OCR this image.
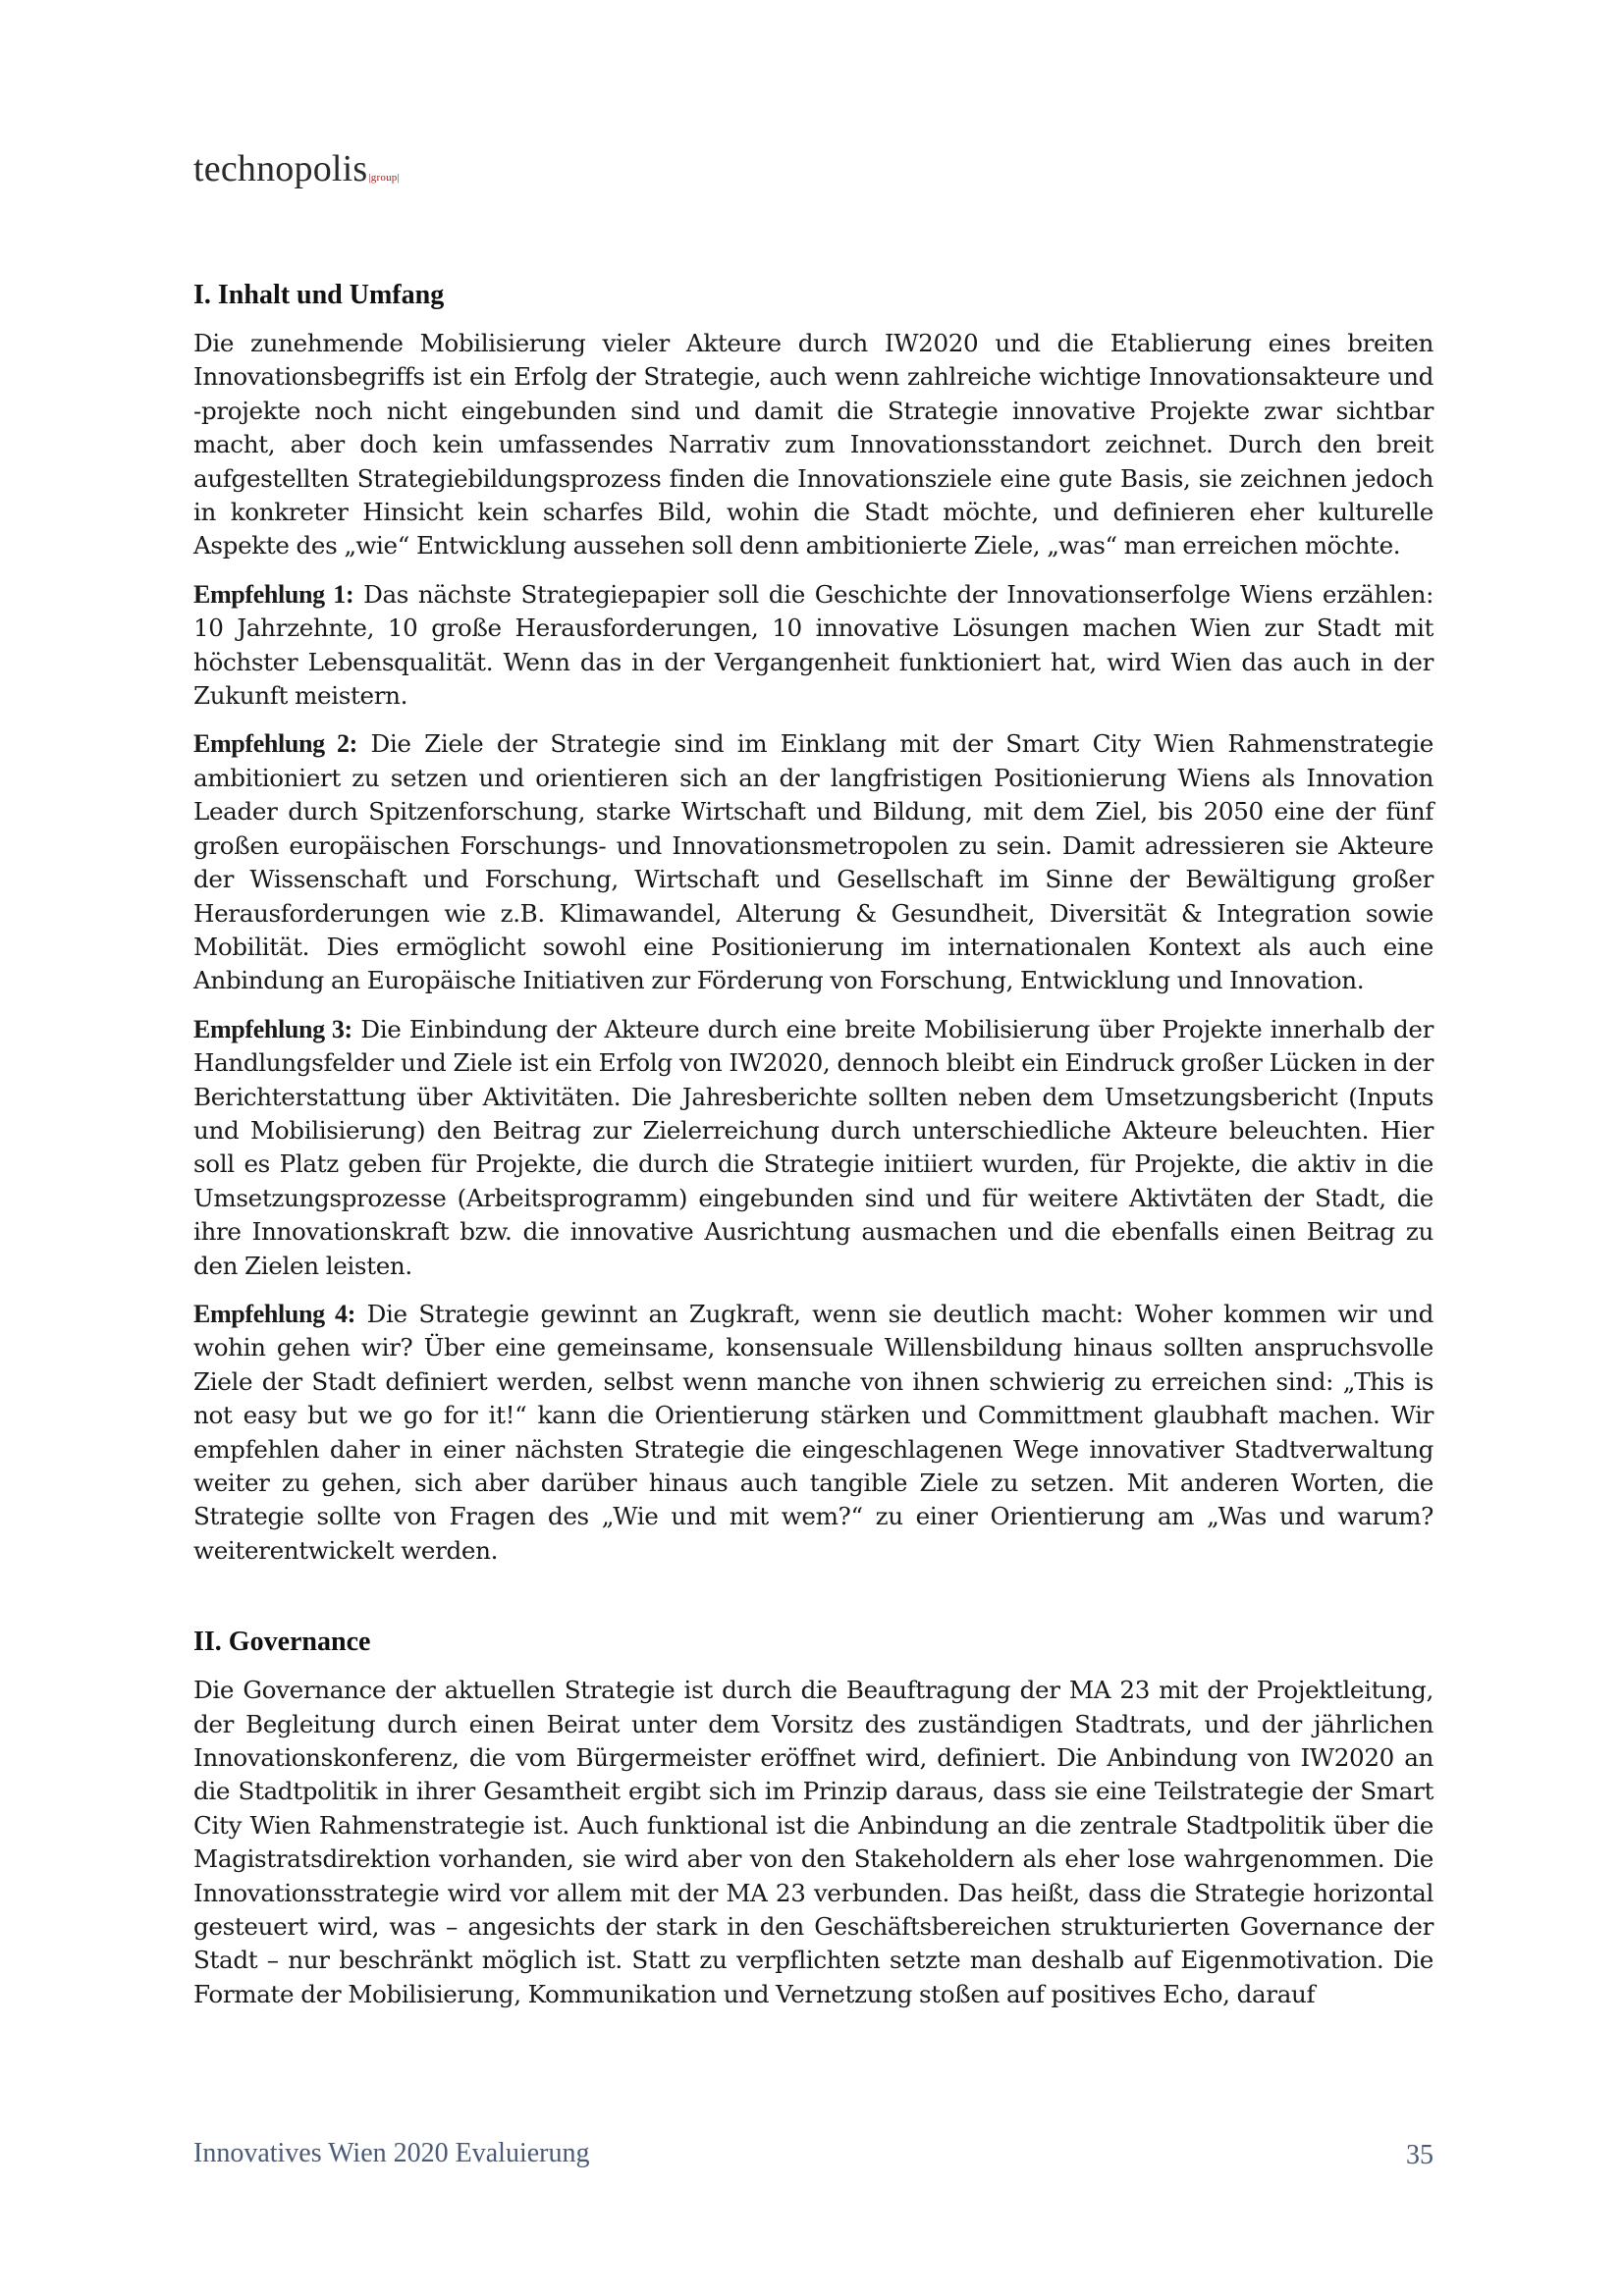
technopolis|group|
I. Inhalt und Umfang

Die zunehmende Mobilisierung vieler Akteure durch IW2020 und die Etablierung eines breiten Innovationsbegriffs ist ein Erfolg der Strategie, auch wenn zahlreiche wichtige Innovationsakteure und -projekte noch nicht eingebunden sind und damit die Strategie innovative Projekte zwar sichtbar macht, aber doch kein umfassendes Narrativ zum Innovationsstandort zeichnet. Durch den breit aufgestellten Strategiebildungsprozess finden die Innovationsziele eine gute Basis, sie zeichnen jedoch in konkreter Hinsicht kein scharfes Bild, wohin die Stadt möchte, und definieren eher kulturelle Aspekte des „wie“ Entwicklung aussehen soll denn ambitionierte Ziele, „was“ man erreichen möchte.

Empfehlung 1: Das nächste Strategiepapier soll die Geschichte der Innovationserfolge Wiens erzählen: 10 Jahrzehnte, 10 große Herausforderungen, 10 innovative Lösungen machen Wien zur Stadt mit höchster Lebensqualität. Wenn das in der Vergangenheit funktioniert hat, wird Wien das auch in der Zukunft meistern.

Empfehlung 2: Die Ziele der Strategie sind im Einklang mit der Smart City Wien Rahmenstrategie ambitioniert zu setzen und orientieren sich an der langfristigen Positionierung Wiens als Innovation Leader durch Spitzenforschung, starke Wirtschaft und Bildung, mit dem Ziel, bis 2050 eine der fünf großen europäischen Forschungs- und Innovationsmetropolen zu sein. Damit adressieren sie Akteure der Wissenschaft und Forschung, Wirtschaft und Gesellschaft im Sinne der Bewältigung großer Herausforderungen wie z.B. Klimawandel, Alterung & Gesundheit, Diversität & Integration sowie Mobilität. Dies ermöglicht sowohl eine Positionierung im internationalen Kontext als auch eine Anbindung an Europäische Initiativen zur Förderung von Forschung, Entwicklung und Innovation.

Empfehlung 3: Die Einbindung der Akteure durch eine breite Mobilisierung über Projekte innerhalb der Handlungsfelder und Ziele ist ein Erfolg von IW2020, dennoch bleibt ein Eindruck großer Lücken in der Berichterstattung über Aktivitäten. Die Jahresberichte sollten neben dem Umsetzungsbericht (Inputs und Mobilisierung) den Beitrag zur Zielerreichung durch unterschiedliche Akteure beleuchten. Hier soll es Platz geben für Projekte, die durch die Strategie initiiert wurden, für Projekte, die aktiv in die Umsetzungsprozesse (Arbeitsprogramm) eingebunden sind und für weitere Aktivtäten der Stadt, die ihre Innovationskraft bzw. die innovative Ausrichtung ausmachen und die ebenfalls einen Beitrag zu den Zielen leisten.

Empfehlung 4: Die Strategie gewinnt an Zugkraft, wenn sie deutlich macht: Woher kommen wir und wohin gehen wir? Über eine gemeinsame, konsensuale Willensbildung hinaus sollten anspruchsvolle Ziele der Stadt definiert werden, selbst wenn manche von ihnen schwierig zu erreichen sind: „This is not easy but we go for it!“ kann die Orientierung stärken und Committment glaubhaft machen. Wir empfehlen daher in einer nächsten Strategie die eingeschlagenen Wege innovativer Stadtverwaltung weiter zu gehen, sich aber darüber hinaus auch tangible Ziele zu setzen. Mit anderen Worten, die Strategie sollte von Fragen des „Wie und mit wem?“ zu einer Orientierung am „Was und warum? weiterentwickelt werden.

II. Governance

Die Governance der aktuellen Strategie ist durch die Beauftragung der MA 23 mit der Projektleitung, der Begleitung durch einen Beirat unter dem Vorsitz des zuständigen Stadtrats, und der jährlichen Innovationskonferenz, die vom Bürgermeister eröffnet wird, definiert. Die Anbindung von IW2020 an die Stadtpolitik in ihrer Gesamtheit ergibt sich im Prinzip daraus, dass sie eine Teilstrategie der Smart City Wien Rahmenstrategie ist. Auch funktional ist die Anbindung an die zentrale Stadtpolitik über die Magistratsdirektion vorhanden, sie wird aber von den Stakeholdern als eher lose wahrgenommen. Die Innovationsstrategie wird vor allem mit der MA 23 verbunden. Das heißt, dass die Strategie horizontal gesteuert wird, was – angesichts der stark in den Geschäftsbereichen strukturierten Governance der Stadt – nur beschränkt möglich ist. Statt zu verpflichten setzte man deshalb auf Eigenmotivation. Die Formate der Mobilisierung, Kommunikation und Vernetzung stoßen auf positives Echo, darauf

Innovatives Wien 2020 Evaluierung	35
